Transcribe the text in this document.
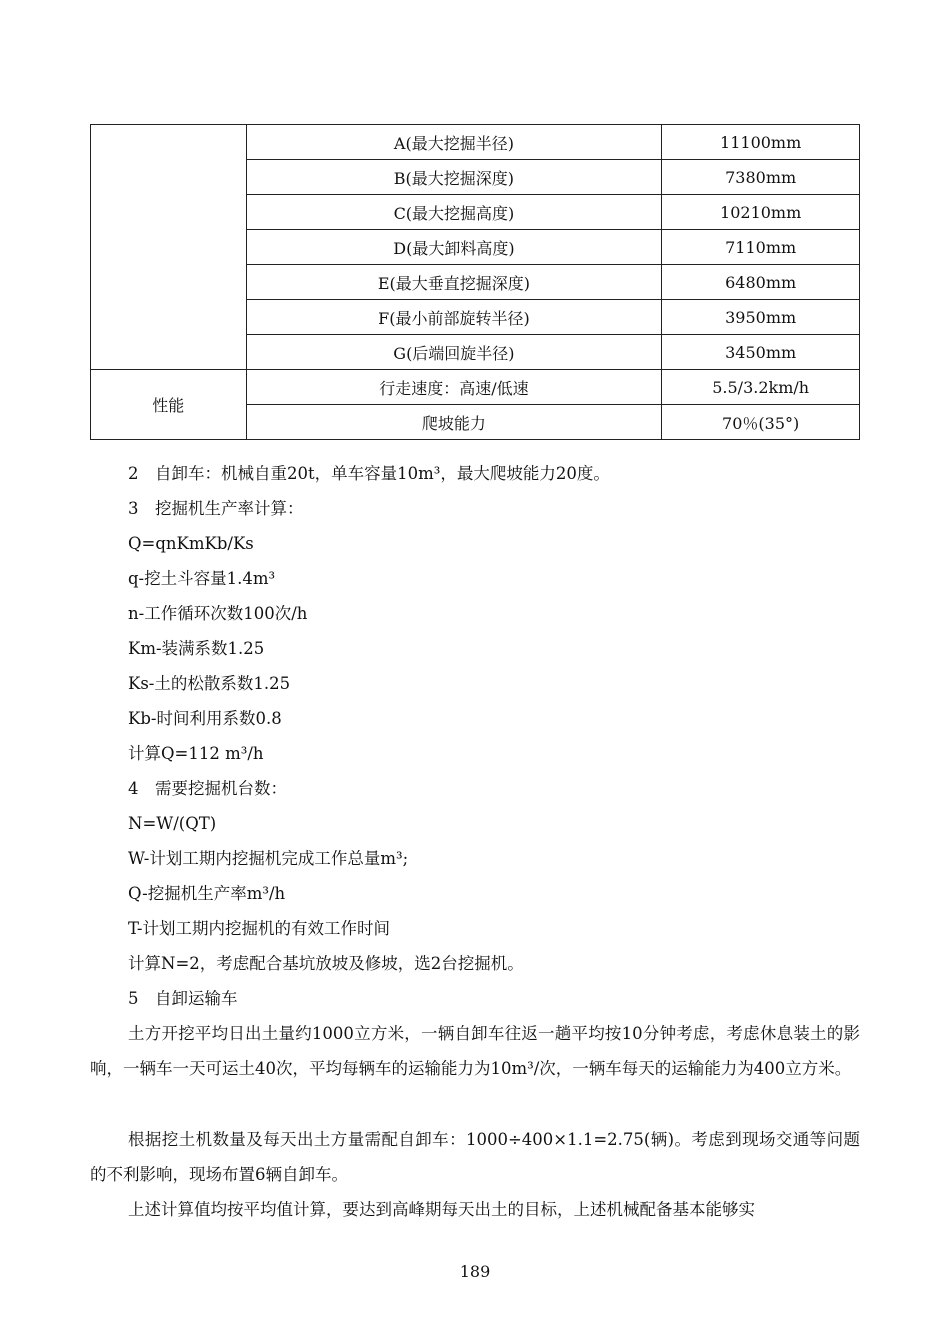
	A(最大挖掘半径)	11100mm
	B(最大挖掘深度)	7380mm
	C(最大挖掘高度)	10210mm
	D(最大卸料高度)	7110mm
	E(最大垂直挖掘深度)	6480mm
	F(最小前部旋转半径)	3950mm
	G(后端回旋半径)	3450mm
性能	行走速度：高速/低速	5.5/3.2km/h
	爬坡能力	70％(35°)
2　自卸车：机械自重20t，单车容量10m³，最大爬坡能力20度。
3　挖掘机生产率计算：
Q=qnKmKb/Ks
q-挖土斗容量1.4m³
n-工作循环次数100次/h
Km-装满系数1.25
Ks-土的松散系数1.25
Kb-时间利用系数0.8
计算Q=112 m³/h
4　需要挖掘机台数：
N=W/(QT)
W-计划工期内挖掘机完成工作总量m³;
Q-挖掘机生产率m³/h
T-计划工期内挖掘机的有效工作时间
计算N=2，考虑配合基坑放坡及修坡，选2台挖掘机。
5　自卸运输车
土方开挖平均日出土量约1000立方米，一辆自卸车往返一趟平均按10分钟考虑，考虑休息装土的影响，一辆车一天可运土40次，平均每辆车的运输能力为10m³/次，一辆车每天的运输能力为400立方米。
根据挖土机数量及每天出土方量需配自卸车：1000÷400×1.1=2.75(辆)。考虑到现场交通等问题的不利影响，现场布置6辆自卸车。
上述计算值均按平均值计算，要达到高峰期每天出土的目标，上述机械配备基本能够实
189
